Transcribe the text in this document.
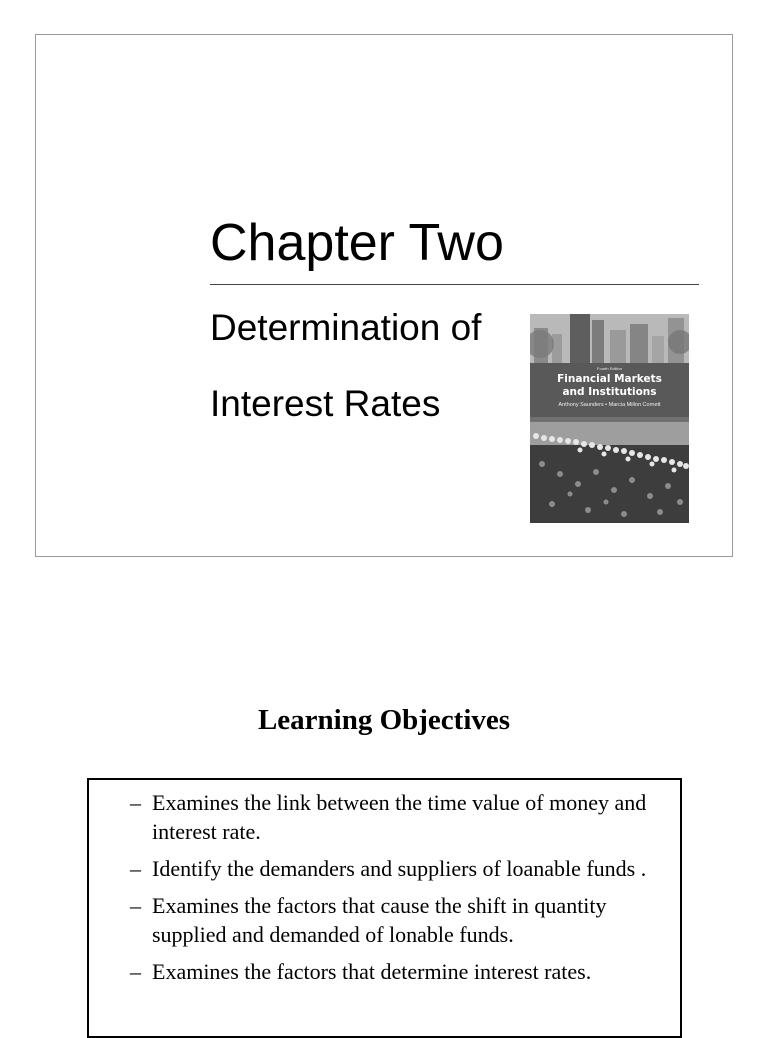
Chapter Two
Determination of
Interest Rates
Fourth Edition
Financial Markets
and Institutions
Anthony Saunders • Marcia Millon Cornett
Learning Objectives
– Examines the link between the time value of money and interest rate.
– Identify the demanders and suppliers of loanable funds .
– Examines the factors that cause the shift in quantity supplied and demanded of lonable funds.
– Examines the factors that determine interest rates.
